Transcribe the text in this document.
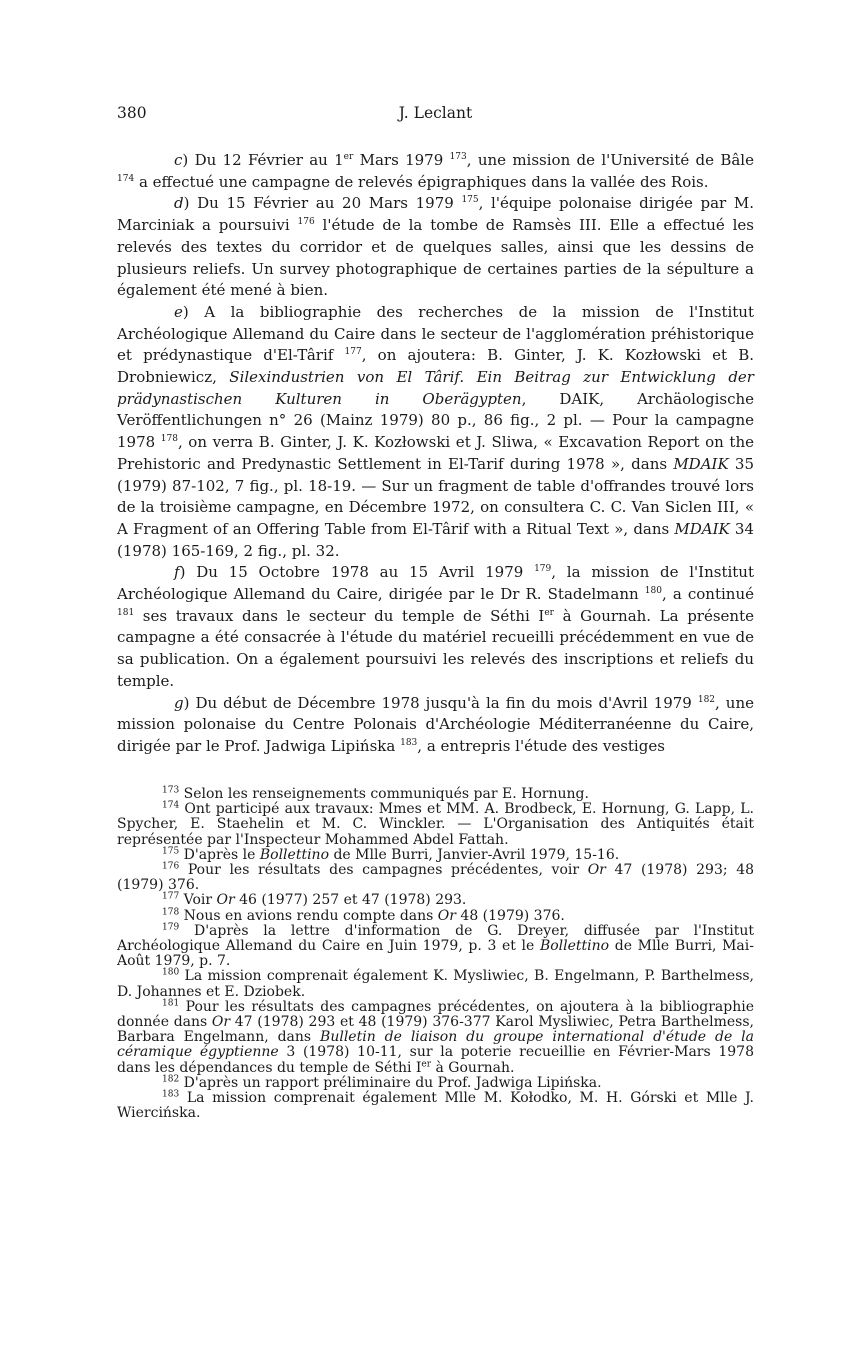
380	J. Leclant

c) Du 12 Février au 1er Mars 1979 $^{173}$, une mission de l'Université de Bâle $^{174}$ a effectué une campagne de relevés épigraphiques dans la vallée des Rois.

d) Du 15 Février au 20 Mars 1979 $^{175}$, l'équipe polonaise dirigée par M. Marciniak a poursuivi $^{176}$ l'étude de la tombe de Ramsès III. Elle a effectué les relevés des textes du corridor et de quelques salles, ainsi que les dessins de plusieurs reliefs. Un survey photographique de certaines parties de la sépulture a également été mené à bien.

e) A la bibliographie des recherches de la mission de l'Institut Archéologique Allemand du Caire dans le secteur de l'agglomération préhistorique et prédynastique d'El-Târif $^{177}$, on ajoutera: B. Ginter, J. K. Kozłowski et B. Drobniewicz, Silexindustrien von El Târif. Ein Beitrag zur Entwicklung der prädynastischen Kulturen in Oberägypten, DAIK, Archäologische Veröffentlichungen n° 26 (Mainz 1979) 80 p., 86 fig., 2 pl. — Pour la campagne 1978 $^{178}$, on verra B. Ginter, J. K. Kozłowski et J. Sliwa, « Excavation Report on the Prehistoric and Predynastic Settlement in El-Tarif during 1978 », dans MDAIK 35 (1979) 87-102, 7 fig., pl. 18-19. — Sur un fragment de table d'offrandes trouvé lors de la troisième campagne, en Décembre 1972, on consultera C. C. Van Siclen III, « A Fragment of an Offering Table from El-Târif with a Ritual Text », dans MDAIK 34 (1978) 165-169, 2 fig., pl. 32.

f) Du 15 Octobre 1978 au 15 Avril 1979 $^{179}$, la mission de l'Institut Archéologique Allemand du Caire, dirigée par le Dr R. Stadelmann $^{180}$, a continué $^{181}$ ses travaux dans le secteur du temple de Séthi Ier à Gournah. La présente campagne a été consacrée à l'étude du matériel recueilli précédemment en vue de sa publication. On a également poursuivi les relevés des inscriptions et reliefs du temple.

g) Du début de Décembre 1978 jusqu'à la fin du mois d'Avril 1979 $^{182}$, une mission polonaise du Centre Polonais d'Archéologie Méditerranéenne du Caire, dirigée par le Prof. Jadwiga Lipińska $^{183}$, a entrepris l'étude des vestiges

$^{173}$ Selon les renseignements communiqués par E. Hornung.

$^{174}$ Ont participé aux travaux: Mmes et MM. A. Brodbeck, E. Hornung, G. Lapp, L. Spycher, E. Staehelin et M. C. Winckler. — L'Organisation des Antiquités était représentée par l'Inspecteur Mohammed Abdel Fattah.

$^{175}$ D'après le Bollettino de Mlle Burri, Janvier-Avril 1979, 15-16.

$^{176}$ Pour les résultats des campagnes précédentes, voir Or 47 (1978) 293; 48 (1979) 376.

$^{177}$ Voir Or 46 (1977) 257 et 47 (1978) 293.

$^{178}$ Nous en avions rendu compte dans Or 48 (1979) 376.

$^{179}$ D'après la lettre d'information de G. Dreyer, diffusée par l'Institut Archéologique Allemand du Caire en Juin 1979, p. 3 et le Bollettino de Mlle Burri, Mai-Août 1979, p. 7.

$^{180}$ La mission comprenait également K. Mysliwiec, B. Engelmann, P. Barthelmess, D. Johannes et E. Dziobek.

$^{181}$ Pour les résultats des campagnes précédentes, on ajoutera à la bibliographie donnée dans Or 47 (1978) 293 et 48 (1979) 376-377 Karol Mysliwiec, Petra Barthelmess, Barbara Engelmann, dans Bulletin de liaison du groupe international d'étude de la céramique égyptienne 3 (1978) 10-11, sur la poterie recueillie en Février-Mars 1978 dans les dépendances du temple de Séthi Ier à Gournah.

$^{182}$ D'après un rapport préliminaire du Prof. Jadwiga Lipińska.

$^{183}$ La mission comprenait également Mlle M. Kołodko, M. H. Górski et Mlle J. Wiercińska.
